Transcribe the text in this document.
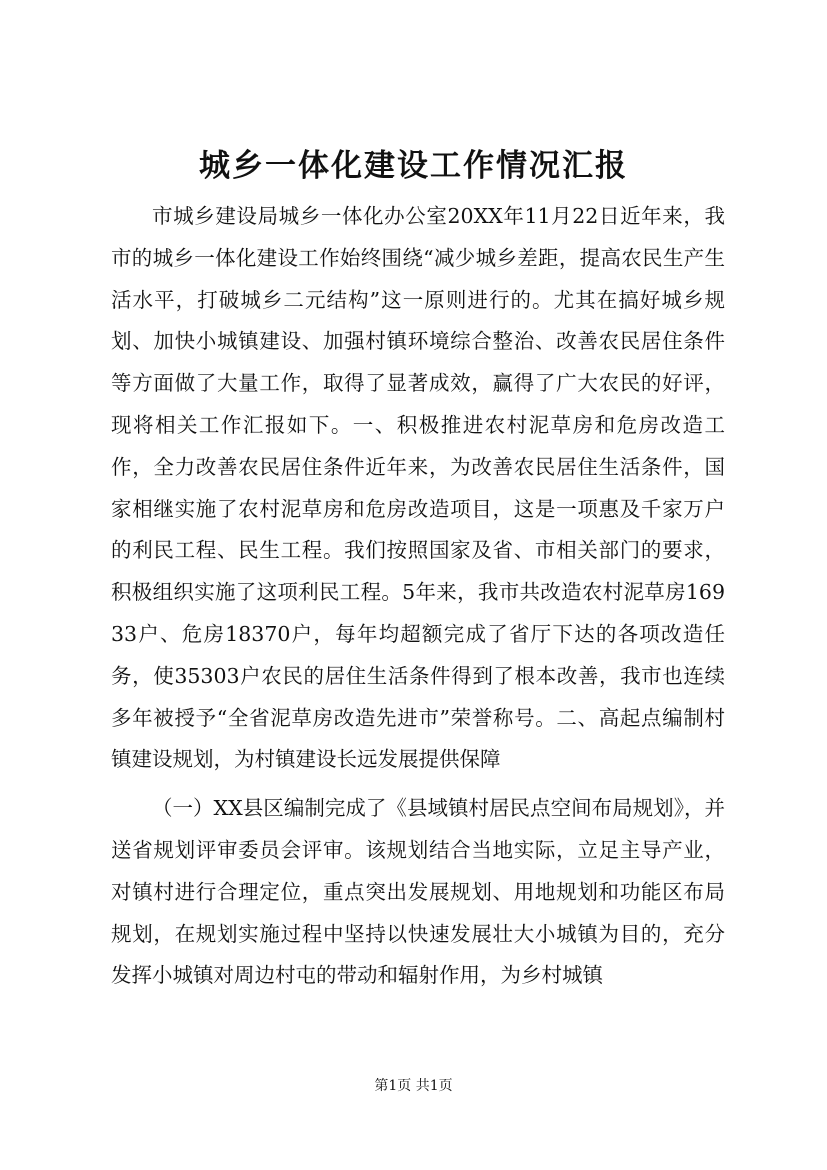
城乡一体化建设工作情况汇报

市城乡建设局城乡一体化办公室20XX年11月22日近年来，我市的城乡一体化建设工作始终围绕“减少城乡差距，提高农民生产生活水平，打破城乡二元结构”这一原则进行的。尤其在搞好城乡规划、加快小城镇建设、加强村镇环境综合整治、改善农民居住条件等方面做了大量工作，取得了显著成效，赢得了广大农民的好评，现将相关工作汇报如下。一、积极推进农村泥草房和危房改造工作，全力改善农民居住条件近年来，为改善农民居住生活条件，国家相继实施了农村泥草房和危房改造项目，这是一项惠及千家万户的利民工程、民生工程。我们按照国家及省、市相关部门的要求，积极组织实施了这项利民工程。5年来，我市共改造农村泥草房16933户、危房18370户，每年均超额完成了省厅下达的各项改造任务，使35303户农民的居住生活条件得到了根本改善，我市也连续多年被授予“全省泥草房改造先进市”荣誉称号。二、高起点编制村镇建设规划，为村镇建设长远发展提供保障

（一）XX县区编制完成了《县域镇村居民点空间布局规划》，并送省规划评审委员会评审。该规划结合当地实际，立足主导产业，对镇村进行合理定位，重点突出发展规划、用地规划和功能区布局规划，在规划实施过程中坚持以快速发展壮大小城镇为目的，充分发挥小城镇对周边村屯的带动和辐射作用，为乡村城镇

第1页 共1页
